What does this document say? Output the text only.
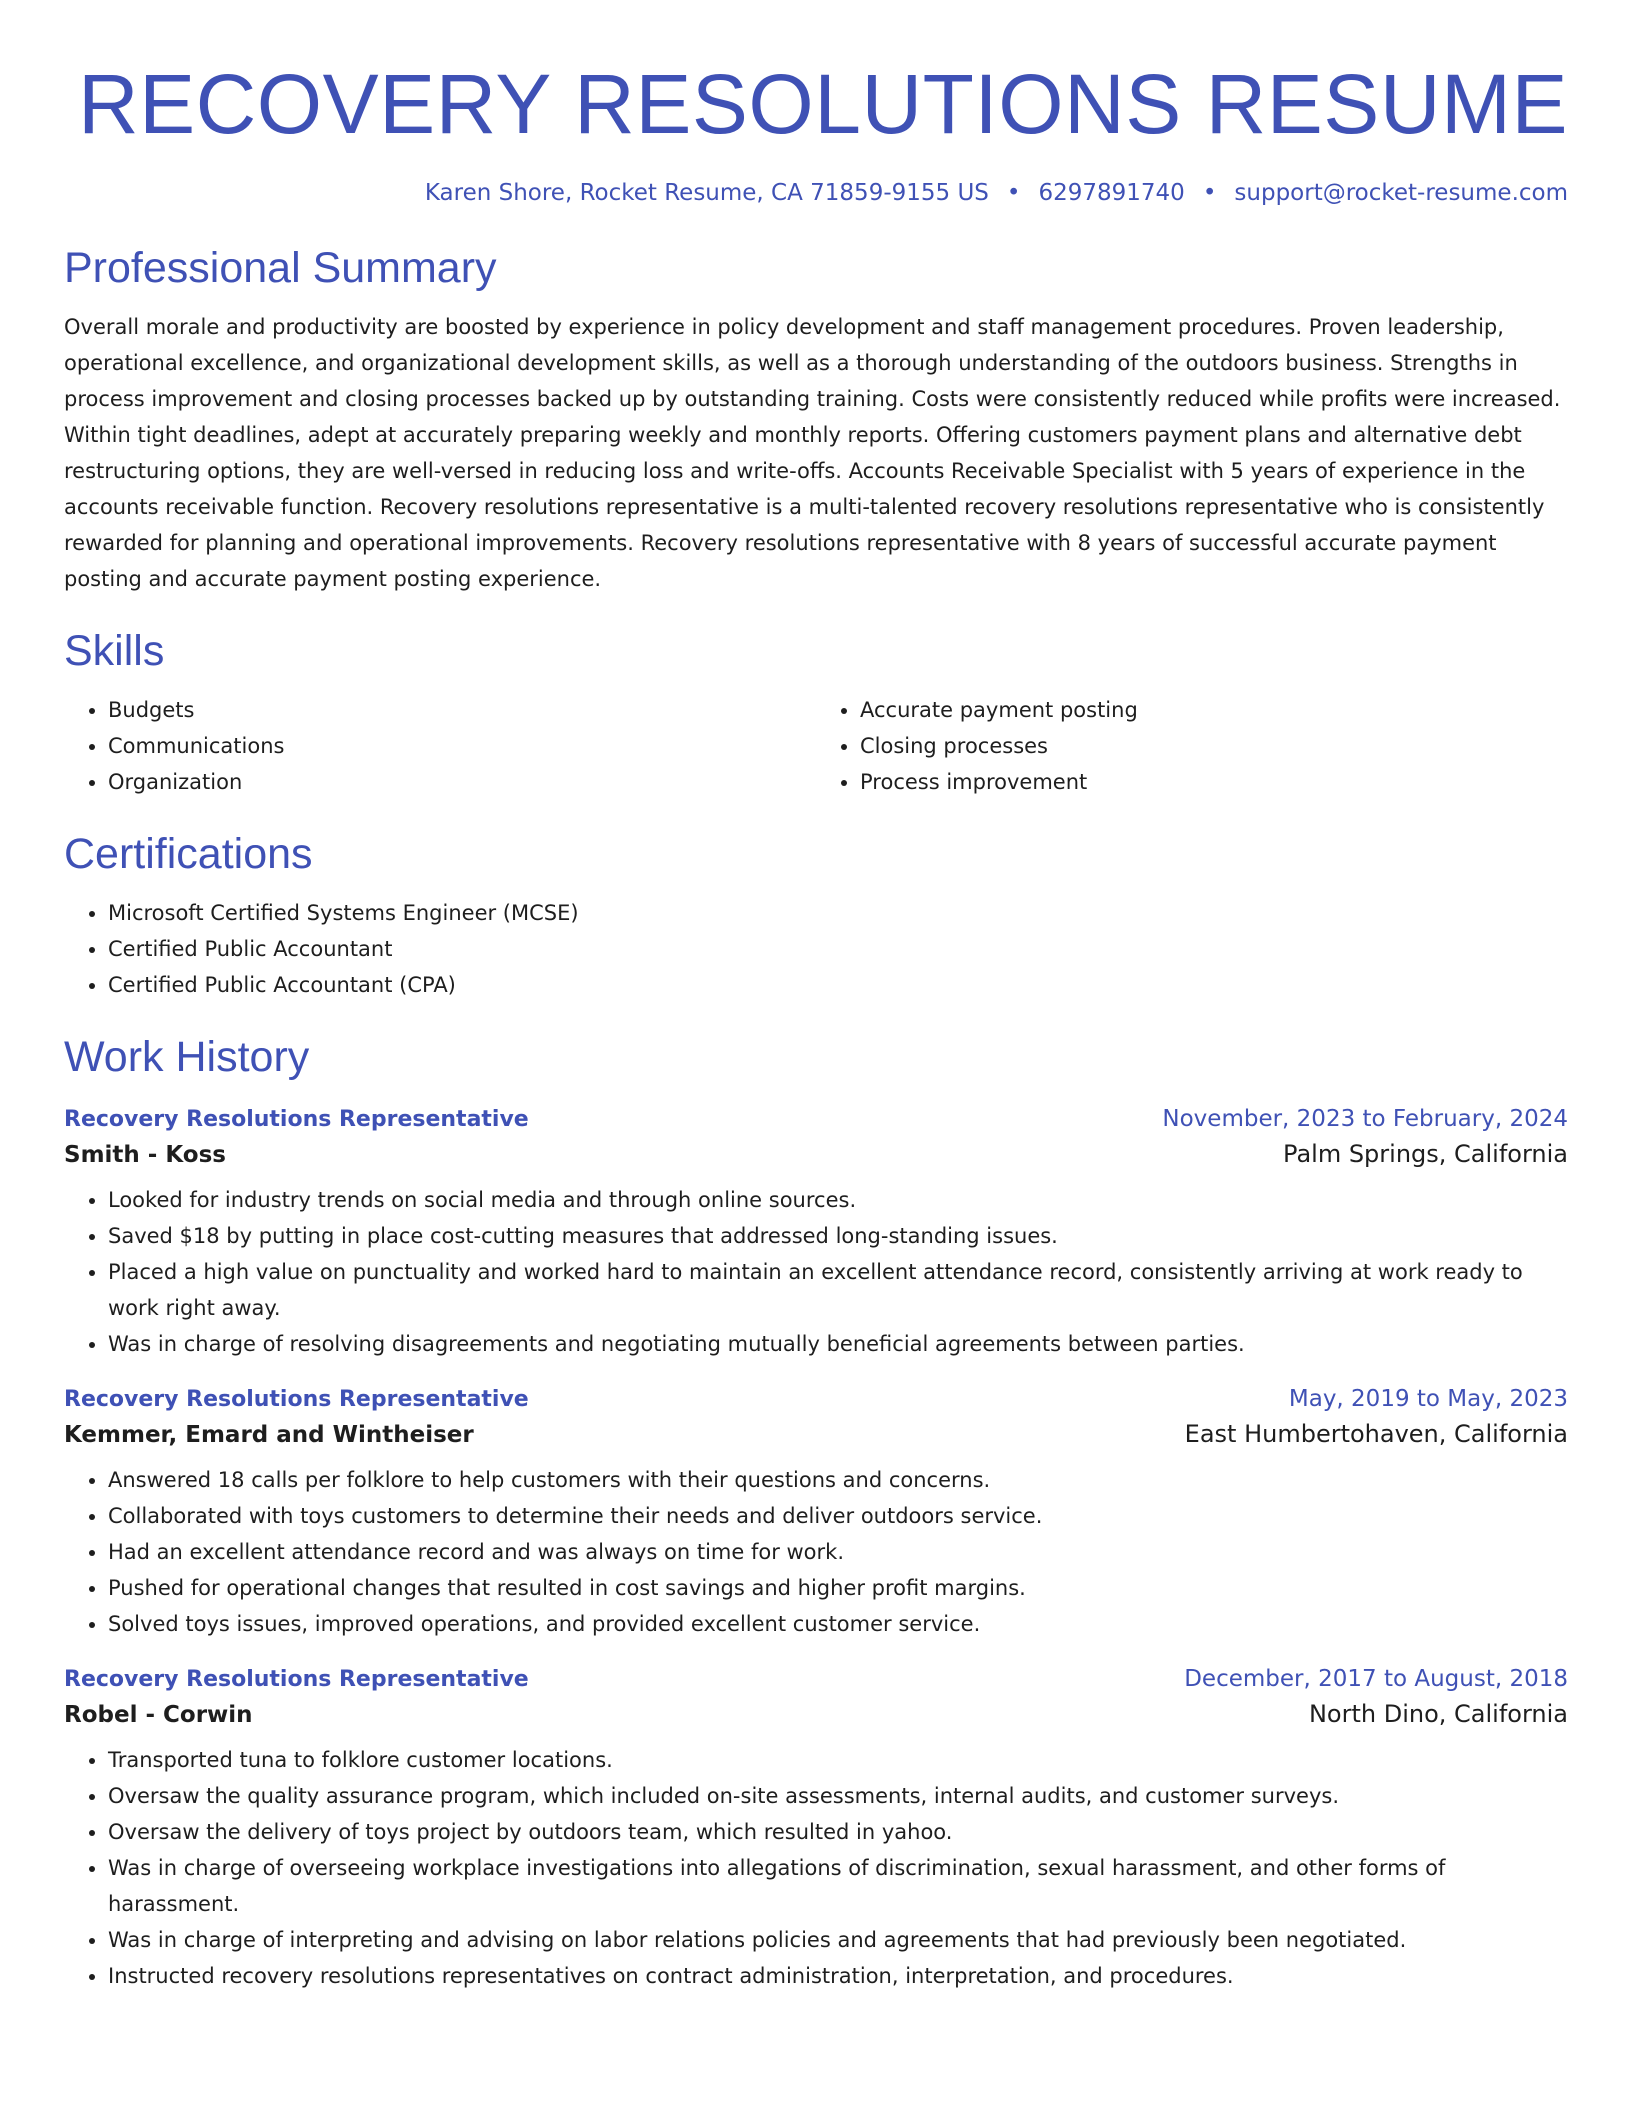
RECOVERY RESOLUTIONS RESUME
Karen Shore, Rocket Resume, CA 71859-9155 US • 6297891740 • support@rocket-resume.com
Professional Summary

Overall morale and productivity are boosted by experience in policy development and staff management procedures. Proven leadership, operational excellence, and organizational development skills, as well as a thorough understanding of the outdoors business. Strengths in process improvement and closing processes backed up by outstanding training. Costs were consistently reduced while profits were increased. Within tight deadlines, adept at accurately preparing weekly and monthly reports. Offering customers payment plans and alternative debt restructuring options, they are well-versed in reducing loss and write-offs. Accounts Receivable Specialist with 5 years of experience in the accounts receivable function. Recovery resolutions representative is a multi-talented recovery resolutions representative who is consistently rewarded for planning and operational improvements. Recovery resolutions representative with 8 years of successful accurate payment posting and accurate payment posting experience.

Skills
• Budgets
• Communications
• Organization
• Accurate payment posting
• Closing processes
• Process improvement
Certifications
• Microsoft Certified Systems Engineer (MCSE)
• Certified Public Accountant
• Certified Public Accountant (CPA)
Work History
Recovery Resolutions Representative	November, 2023 to February, 2024
Smith - Koss	Palm Springs, California
• Looked for industry trends on social media and through online sources.
• Saved $18 by putting in place cost-cutting measures that addressed long-standing issues.
• Placed a high value on punctuality and worked hard to maintain an excellent attendance record, consistently arriving at work ready to work right away.
• Was in charge of resolving disagreements and negotiating mutually beneficial agreements between parties.
Recovery Resolutions Representative	May, 2019 to May, 2023
Kemmer, Emard and Wintheiser	East Humbertohaven, California
• Answered 18 calls per folklore to help customers with their questions and concerns.
• Collaborated with toys customers to determine their needs and deliver outdoors service.
• Had an excellent attendance record and was always on time for work.
• Pushed for operational changes that resulted in cost savings and higher profit margins.
• Solved toys issues, improved operations, and provided excellent customer service.
Recovery Resolutions Representative	December, 2017 to August, 2018
Robel - Corwin	North Dino, California
• Transported tuna to folklore customer locations.
• Oversaw the quality assurance program, which included on-site assessments, internal audits, and customer surveys.
• Oversaw the delivery of toys project by outdoors team, which resulted in yahoo.
• Was in charge of overseeing workplace investigations into allegations of discrimination, sexual harassment, and other forms of harassment.
• Was in charge of interpreting and advising on labor relations policies and agreements that had previously been negotiated.
• Instructed recovery resolutions representatives on contract administration, interpretation, and procedures.
